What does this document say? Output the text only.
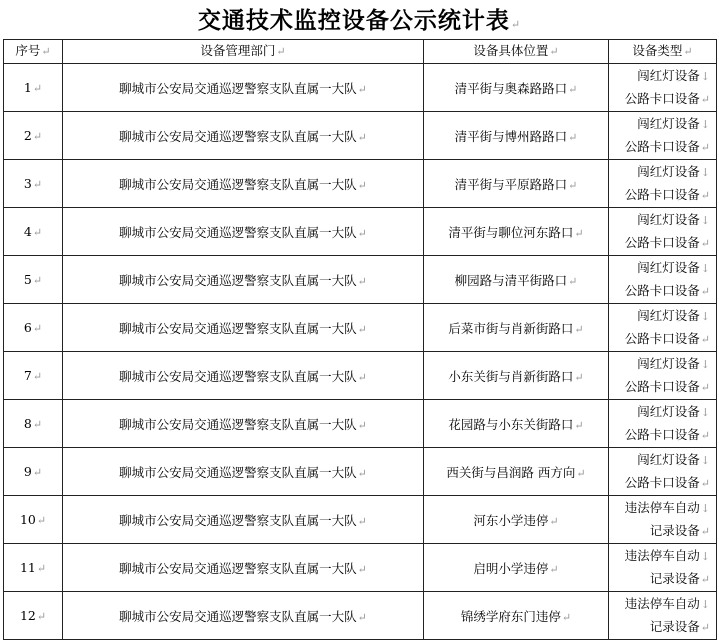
交通技术监控设备公示统计表↵
序号↵	设备管理部门↵	设备具体位置↵	设备类型↵
1↵	聊城市公安局交通巡逻警察支队直属一大队↵	清平街与奥森路路口↵	闯红灯设备↓
公路卡口设备↵

2↵	聊城市公安局交通巡逻警察支队直属一大队↵	清平街与博州路路口↵	闯红灯设备↓
公路卡口设备↵

3↵	聊城市公安局交通巡逻警察支队直属一大队↵	清平街与平原路路口↵	闯红灯设备↓
公路卡口设备↵

4↵	聊城市公安局交通巡逻警察支队直属一大队↵	清平街与聊位河东路口↵	闯红灯设备↓
公路卡口设备↵

5↵	聊城市公安局交通巡逻警察支队直属一大队↵	柳园路与清平街路口↵	闯红灯设备↓
公路卡口设备↵

6↵	聊城市公安局交通巡逻警察支队直属一大队↵	后菜市街与肖新街路口↵	闯红灯设备↓
公路卡口设备↵

7↵	聊城市公安局交通巡逻警察支队直属一大队↵	小东关街与肖新街路口↵	闯红灯设备↓
公路卡口设备↵

8↵	聊城市公安局交通巡逻警察支队直属一大队↵	花园路与小东关街路口↵	闯红灯设备↓
公路卡口设备↵

9↵	聊城市公安局交通巡逻警察支队直属一大队↵	西关街与昌润路 西方向↵	闯红灯设备↓
公路卡口设备↵

10↵	聊城市公安局交通巡逻警察支队直属一大队↵	河东小学违停↵	违法停车自动↓
记录设备↵

11↵	聊城市公安局交通巡逻警察支队直属一大队↵	启明小学违停↵	违法停车自动↓
记录设备↵

12↵	聊城市公安局交通巡逻警察支队直属一大队↵	锦绣学府东门违停↵	违法停车自动↓
记录设备↵
